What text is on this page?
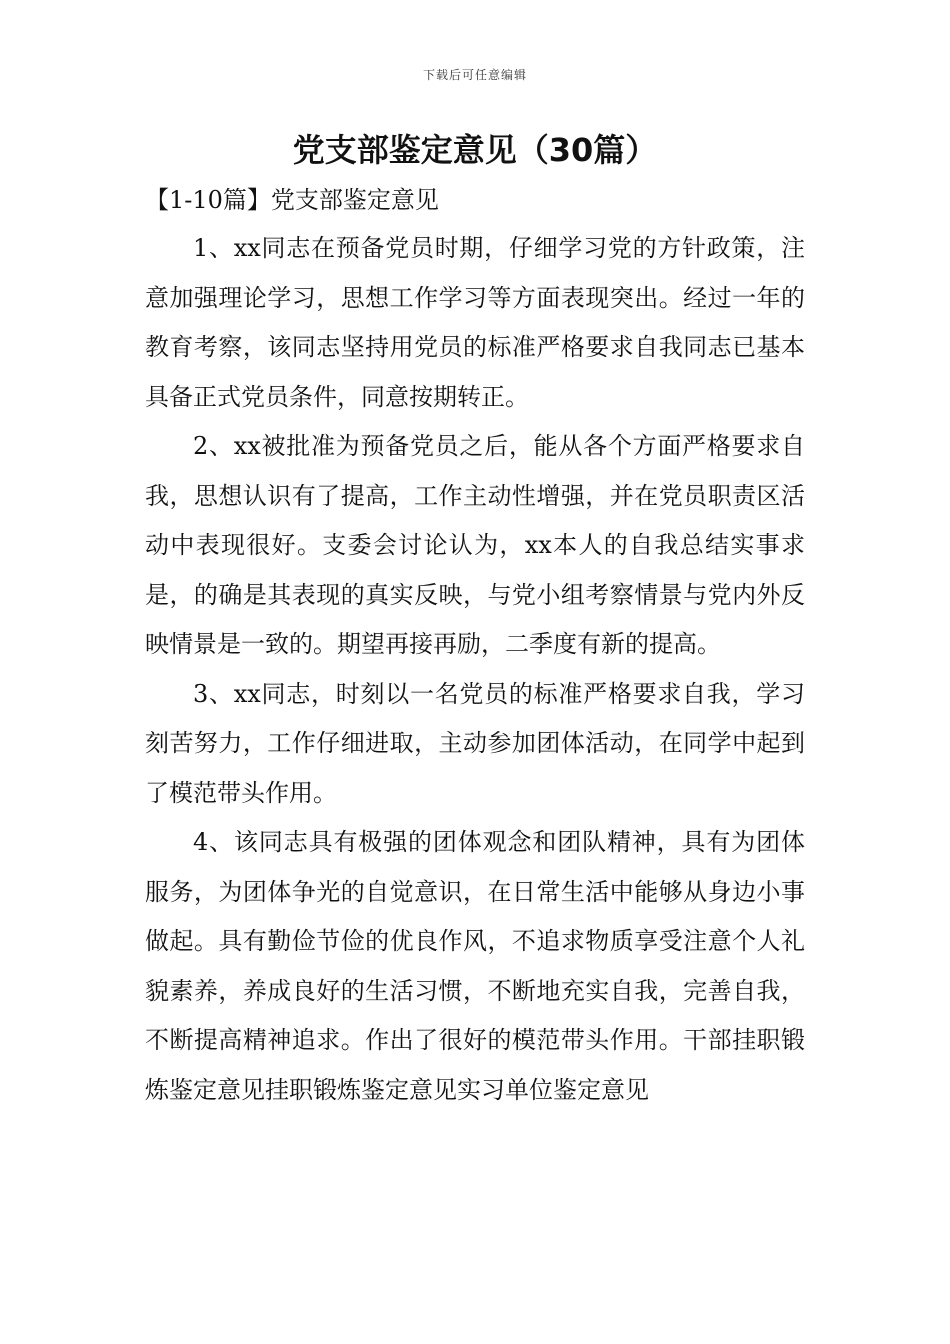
下载后可任意编辑
党支部鉴定意见（30篇）

【1-10篇】党支部鉴定意见

1、xx同志在预备党员时期，仔细学习党的方针政策，注意加强理论学习，思想工作学习等方面表现突出。经过一年的教育考察，该同志坚持用党员的标准严格要求自我同志已基本具备正式党员条件，同意按期转正。

2、xx被批准为预备党员之后，能从各个方面严格要求自我，思想认识有了提高，工作主动性增强，并在党员职责区活动中表现很好。支委会讨论认为，xx本人的自我总结实事求是，的确是其表现的真实反映，与党小组考察情景与党内外反映情景是一致的。期望再接再励，二季度有新的提高。

3、xx同志，时刻以一名党员的标准严格要求自我，学习刻苦努力，工作仔细进取，主动参加团体活动，在同学中起到了模范带头作用。

4、该同志具有极强的团体观念和团队精神，具有为团体服务，为团体争光的自觉意识，在日常生活中能够从身边小事做起。具有勤俭节俭的优良作风，不追求物质享受注意个人礼貌素养，养成良好的生活习惯，不断地充实自我，完善自我，不断提高精神追求。作出了很好的模范带头作用。干部挂职锻炼鉴定意见挂职锻炼鉴定意见实习单位鉴定意见
